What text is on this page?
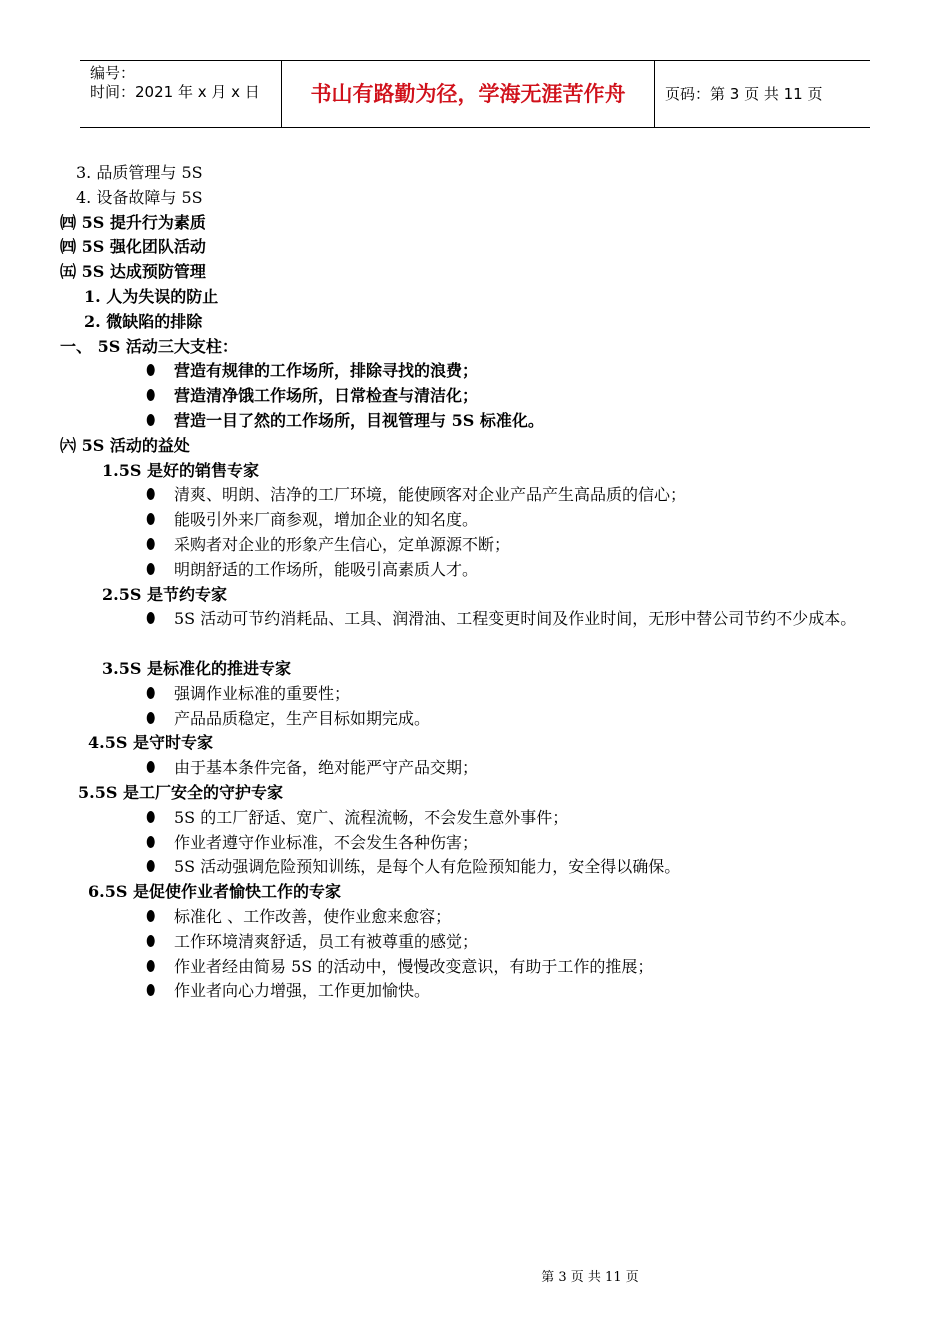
编号：
时间：2021 年 x 月 x 日	书山有路勤为径，学海无涯苦作舟	页码：第 3 页 共 11 页
3. 品质管理与 5S
4. 设备故障与 5S
㈣ 5S 提升行为素质
㈣ 5S 强化团队活动
㈤ 5S 达成预防管理
1. 人为失误的防止
2. 微缺陷的排除
一、 5S 活动三大支柱：
⬮ 营造有规律的工作场所，排除寻找的浪费；
⬮ 营造清净饿工作场所，日常检查与清洁化；
⬮ 营造一目了然的工作场所，目视管理与 5S 标准化。
㈥ 5S 活动的益处
1.5S 是好的销售专家
⬮ 清爽、明朗、洁净的工厂环境，能使顾客对企业产品产生高品质的信心；
⬮ 能吸引外来厂商参观，增加企业的知名度。
⬮ 采购者对企业的形象产生信心，定单源源不断；
⬮ 明朗舒适的工作场所，能吸引高素质人才。
2.5S 是节约专家
⬮ 5S 活动可节约消耗品、工具、润滑油、工程变更时间及作业时间，无形中替公司节约不少成本。
3.5S 是标准化的推进专家
⬮ 强调作业标准的重要性；
⬮ 产品品质稳定，生产目标如期完成。
4.5S 是守时专家
⬮ 由于基本条件完备，绝对能严守产品交期；
5.5S 是工厂安全的守护专家
⬮ 5S 的工厂舒适、宽广、流程流畅，不会发生意外事件；
⬮ 作业者遵守作业标准，不会发生各种伤害；
⬮ 5S 活动强调危险预知训练，是每个人有危险预知能力，安全得以确保。
6.5S 是促使作业者愉快工作的专家
⬮ 标准化 、工作改善，使作业愈来愈容；
⬮ 工作环境清爽舒适，员工有被尊重的感觉；
⬮ 作业者经由简易 5S 的活动中，慢慢改变意识，有助于工作的推展；
⬮ 作业者向心力增强，工作更加愉快。
第 3 页 共 11 页
